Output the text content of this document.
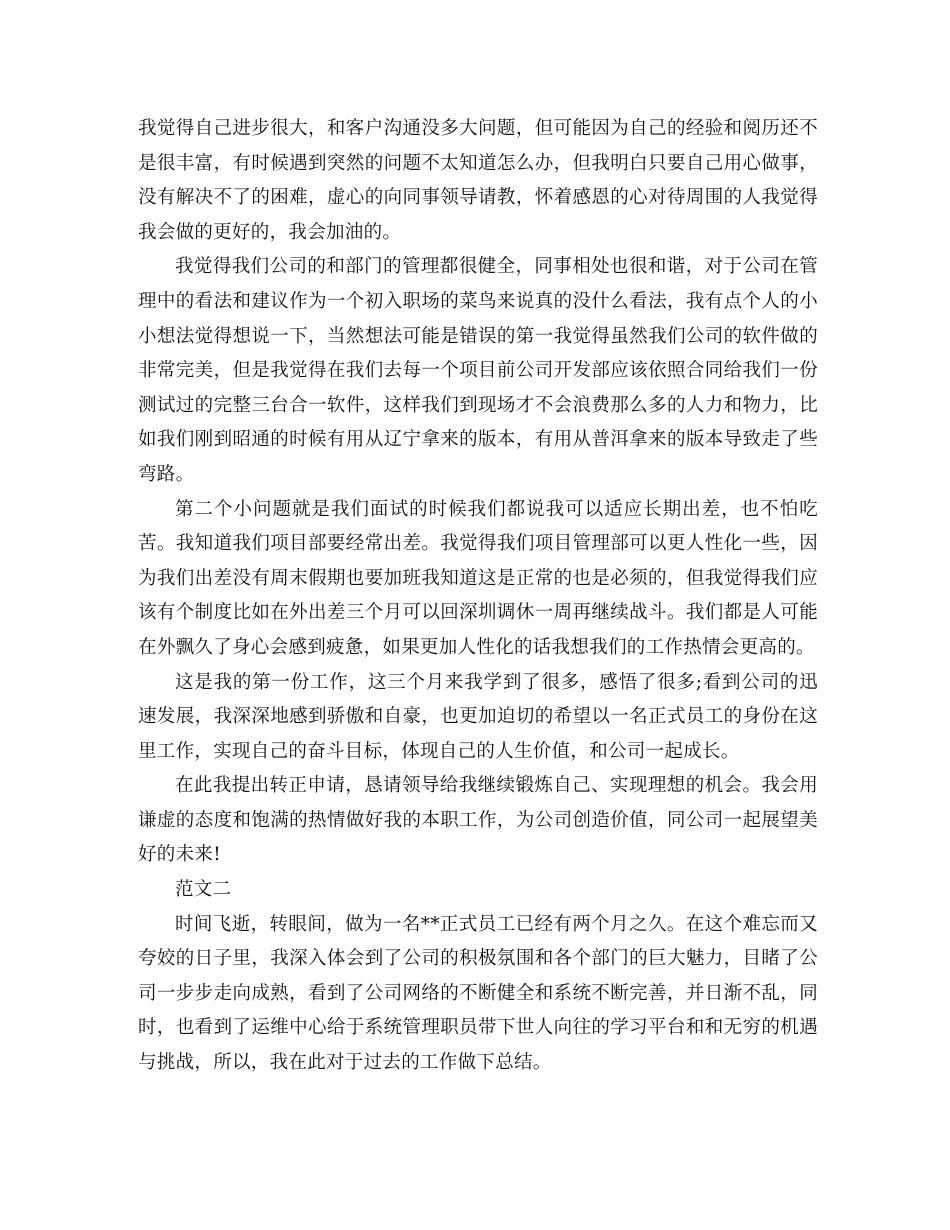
我觉得自己进步很大，和客户沟通没多大问题，但可能因为自己的经验和阅历还不是很丰富，有时候遇到突然的问题不太知道怎么办，但我明白只要自己用心做事，没有解决不了的困难，虚心的向同事领导请教，怀着感恩的心对待周围的人我觉得我会做的更好的，我会加油的。

我觉得我们公司的和部门的管理都很健全，同事相处也很和谐，对于公司在管理中的看法和建议作为一个初入职场的菜鸟来说真的没什么看法，我有点个人的小小想法觉得想说一下，当然想法可能是错误的第一我觉得虽然我们公司的软件做的非常完美，但是我觉得在我们去每一个项目前公司开发部应该依照合同给我们一份测试过的完整三台合一软件，这样我们到现场才不会浪费那么多的人力和物力，比如我们刚到昭通的时候有用从辽宁拿来的版本，有用从普洱拿来的版本导致走了些弯路。

第二个小问题就是我们面试的时候我们都说我可以适应长期出差，也不怕吃苦。我知道我们项目部要经常出差。我觉得我们项目管理部可以更人性化一些，因为我们出差没有周末假期也要加班我知道这是正常的也是必须的，但我觉得我们应该有个制度比如在外出差三个月可以回深圳调休一周再继续战斗。我们都是人可能在外飘久了身心会感到疲惫，如果更加人性化的话我想我们的工作热情会更高的。

这是我的第一份工作，这三个月来我学到了很多，感悟了很多;看到公司的迅速发展，我深深地感到骄傲和自豪，也更加迫切的希望以一名正式员工的身份在这里工作，实现自己的奋斗目标，体现自己的人生价值，和公司一起成长。

在此我提出转正申请，恳请领导给我继续锻炼自己、实现理想的机会。我会用谦虚的态度和饱满的热情做好我的本职工作，为公司创造价值，同公司一起展望美好的未来!

范文二

时间飞逝，转眼间，做为一名**正式员工已经有两个月之久。在这个难忘而又夸姣的日子里，我深入体会到了公司的积极氛围和各个部门的巨大魅力，目睹了公司一步步走向成熟，看到了公司网络的不断健全和系统不断完善，并日渐不乱，同时，也看到了运维中心给于系统管理职员带下世人向往的学习平台和和无穷的机遇与挑战，所以，我在此对于过去的工作做下总结。
